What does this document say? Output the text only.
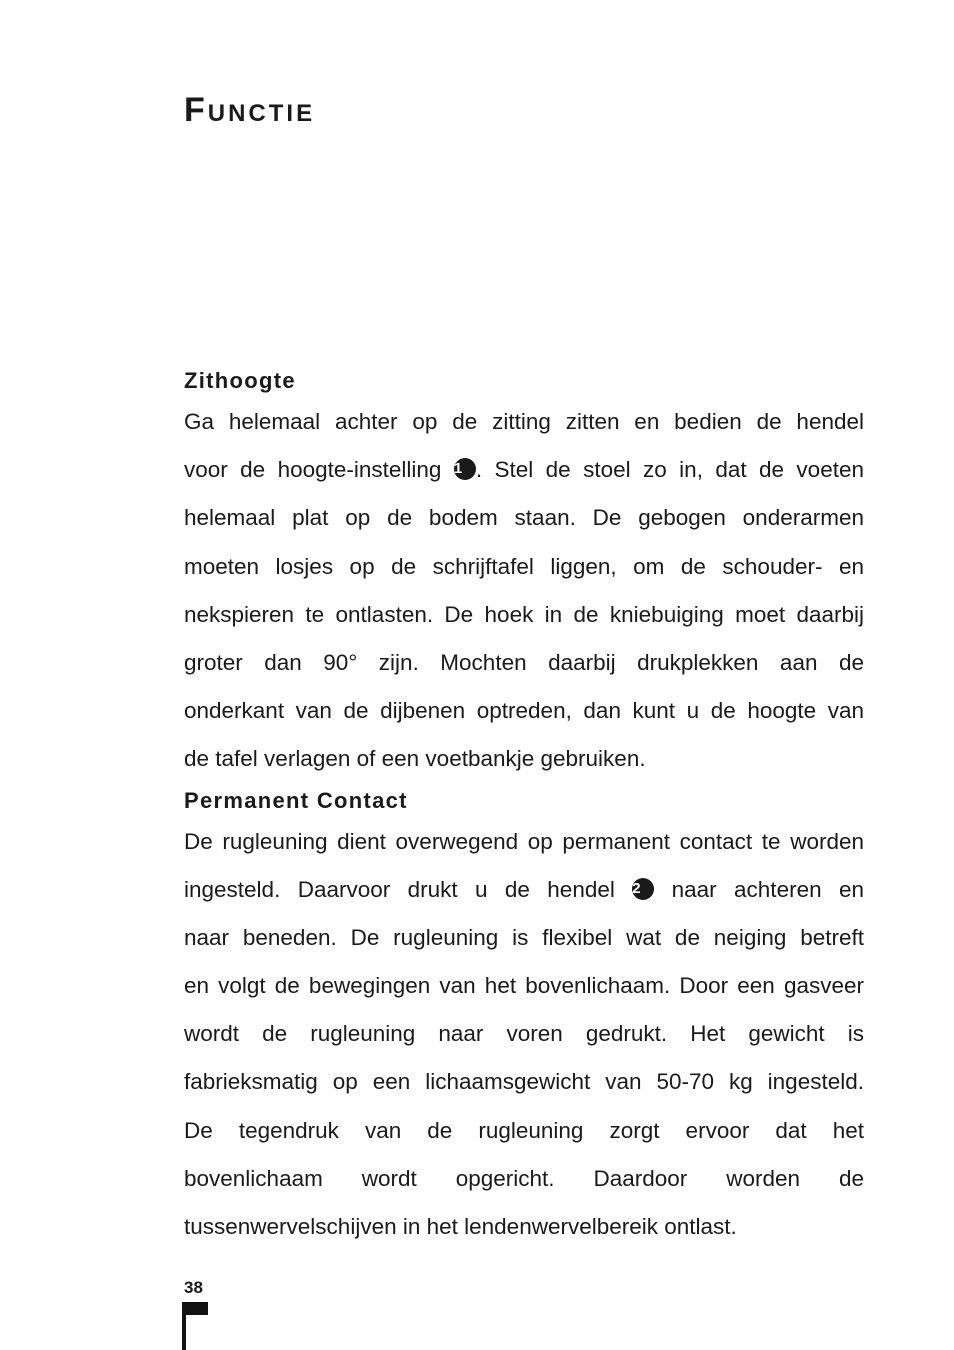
Functie
Zithoogte
Ga helemaal achter op de zitting zitten en bedien de hendel
voor de hoogte-instelling 1 . Stel de stoel zo in, dat de voeten
helemaal plat op de bodem staan. De gebogen onderarmen
moeten losjes op de schrijftafel liggen, om de schouder- en
nekspieren te ontlasten. De hoek in de kniebuiging moet daarbij
groter dan 90° zijn. Mochten daarbij drukplekken aan de
onderkant van de dijbenen optreden, dan kunt u de hoogte van
de tafel verlagen of een voetbankje gebruiken.
Permanent Contact
De rugleuning dient overwegend op permanent contact te worden
ingesteld. Daarvoor drukt u de hendel 2 naar achteren en
naar beneden. De rugleuning is flexibel wat de neiging betreft
en volgt de bewegingen van het bovenlichaam. Door een gasveer
wordt de rugleuning naar voren gedrukt. Het gewicht is
fabrieksmatig op een lichaamsgewicht van 50-70 kg ingesteld.
De tegendruk van de rugleuning zorgt ervoor dat het
bovenlichaam wordt opgericht. Daardoor worden de
tussenwervelschijven in het lendenwervelbereik ontlast.
38
